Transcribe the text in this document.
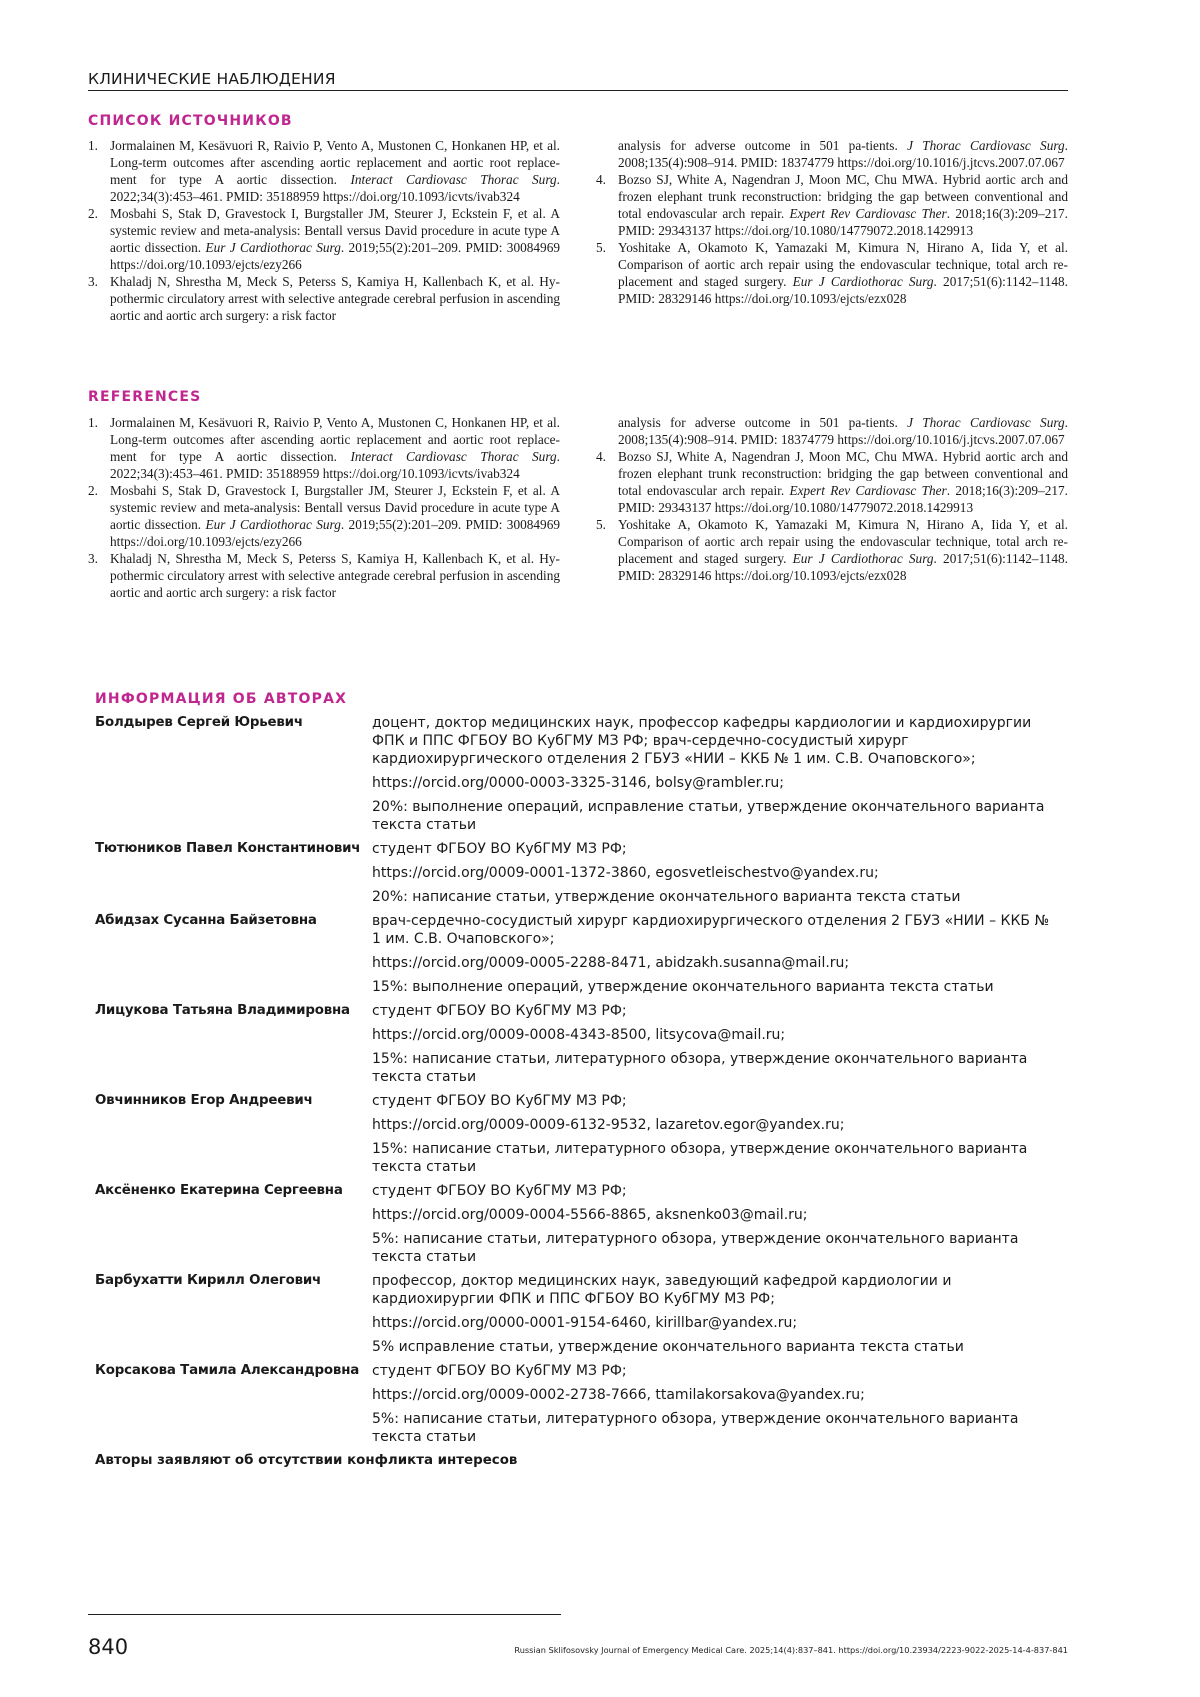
КЛИНИЧЕСКИЕ НАБЛЮДЕНИЯ
СПИСОК ИСТОЧНИКОВ
1. Jormalainen M, Kesävuori R, Raivio P, Vento A, Mustonen C, Honkanen HP, et al. Long-term outcomes after ascending aortic replacement and aortic root replace-ment for type A aortic dissection. Interact Cardiovasc Thorac Surg. 2022;34(3):453–461. PMID: 35188959 https://doi.org/10.1093/icvts/ivab324
2. Mosbahi S, Stak D, Gravestock I, Burgstaller JM, Steurer J, Eckstein F, et al. A systemic review and meta-analysis: Bentall versus David procedure in acute type A aortic dissection. Eur J Cardiothorac Surg. 2019;55(2):201–209. PMID: 30084969 https://doi.org/10.1093/ejcts/ezy266
3. Khaladj N, Shrestha M, Meck S, Peterss S, Kamiya H, Kallenbach K, et al. Hy-pothermic circulatory arrest with selective antegrade cerebral perfusion in ascending aortic and aortic arch surgery: a risk factor
analysis for adverse outcome in 501 pa-tients. J Thorac Cardiovasc Surg. 2008;135(4):908–914. PMID: 18374779 https://doi.org/10.1016/j.jtcvs.2007.07.067
4. Bozso SJ, White A, Nagendran J, Moon MC, Chu MWA. Hybrid aortic arch and frozen elephant trunk reconstruction: bridging the gap between conventional and total endovascular arch repair. Expert Rev Cardiovasc Ther. 2018;16(3):209–217. PMID: 29343137 https://doi.org/10.1080/14779072.2018.1429913
5. Yoshitake A, Okamoto K, Yamazaki M, Kimura N, Hirano A, Iida Y, et al. Comparison of aortic arch repair using the endovascular technique, total arch re-placement and staged surgery. Eur J Cardiothorac Surg. 2017;51(6):1142–1148. PMID: 28329146 https://doi.org/10.1093/ejcts/ezx028
REFERENCES
1. Jormalainen M, Kesävuori R, Raivio P, Vento A, Mustonen C, Honkanen HP, et al. Long-term outcomes after ascending aortic replacement and aortic root replace-ment for type A aortic dissection. Interact Cardiovasc Thorac Surg. 2022;34(3):453–461. PMID: 35188959 https://doi.org/10.1093/icvts/ivab324
2. Mosbahi S, Stak D, Gravestock I, Burgstaller JM, Steurer J, Eckstein F, et al. A systemic review and meta-analysis: Bentall versus David procedure in acute type A aortic dissection. Eur J Cardiothorac Surg. 2019;55(2):201–209. PMID: 30084969 https://doi.org/10.1093/ejcts/ezy266
3. Khaladj N, Shrestha M, Meck S, Peterss S, Kamiya H, Kallenbach K, et al. Hy-pothermic circulatory arrest with selective antegrade cerebral perfusion in ascending aortic and aortic arch surgery: a risk factor
analysis for adverse outcome in 501 pa-tients. J Thorac Cardiovasc Surg. 2008;135(4):908–914. PMID: 18374779 https://doi.org/10.1016/j.jtcvs.2007.07.067
4. Bozso SJ, White A, Nagendran J, Moon MC, Chu MWA. Hybrid aortic arch and frozen elephant trunk reconstruction: bridging the gap between conventional and total endovascular arch repair. Expert Rev Cardiovasc Ther. 2018;16(3):209–217. PMID: 29343137 https://doi.org/10.1080/14779072.2018.1429913
5. Yoshitake A, Okamoto K, Yamazaki M, Kimura N, Hirano A, Iida Y, et al. Comparison of aortic arch repair using the endovascular technique, total arch re-placement and staged surgery. Eur J Cardiothorac Surg. 2017;51(6):1142–1148. PMID: 28329146 https://doi.org/10.1093/ejcts/ezx028
ИНФОРМАЦИЯ ОБ АВТОРАХ
Болдырев Сергей Юрьевич	доцент, доктор медицинских наук, профессор кафедры кардиологии и кардиохирургии ФПК и ППС ФГБОУ ВО КубГМУ МЗ РФ; врач-сердечно-сосудистый хирург кардиохирургического отделения 2 ГБУЗ «НИИ – ККБ № 1 им. С.В. Очаповского»;

https://orcid.org/0000-0003-3325-3146, bolsy@rambler.ru;

20%: выполнение операций, исправление статьи, утверждение окончательного варианта текста статьи

Тютюников Павел Константинович студент ФГБОУ ВО КубГМУ МЗ РФ;

https://orcid.org/0009-0001-1372-3860, egosvetleischestvo@yandex.ru;

20%: написание статьи, утверждение окончательного варианта текста статьи

Абидзах Сусанна Байзетовна	врач-сердечно-сосудистый хирург кардиохирургического отделения 2 ГБУЗ «НИИ – ККБ № 1 им. С.В. Очаповского»;

https://orcid.org/0009-0005-2288-8471, abidzakh.susanna@mail.ru;

15%: выполнение операций, утверждение окончательного варианта текста статьи

Лицукова Татьяна Владимировна	студент ФГБОУ ВО КубГМУ МЗ РФ;

https://orcid.org/0009-0008-4343-8500, litsycova@mail.ru;

15%: написание статьи, литературного обзора, утверждение окончательного варианта текста статьи

Овчинников Егор Андреевич	студент ФГБОУ ВО КубГМУ МЗ РФ;

https://orcid.org/0009-0009-6132-9532, lazaretov.egor@yandex.ru;

15%: написание статьи, литературного обзора, утверждение окончательного варианта текста статьи

Аксёненко Екатерина Сергеевна	студент ФГБОУ ВО КубГМУ МЗ РФ;

https://orcid.org/0009-0004-5566-8865, aksnenko03@mail.ru;

5%: написание статьи, литературного обзора, утверждение окончательного варианта текста статьи

Барбухатти Кирилл Олегович	профессор, доктор медицинских наук, заведующий кафедрой кардиологии и кардиохирургии ФПК и ППС ФГБОУ ВО КубГМУ МЗ РФ;

https://orcid.org/0000-0001-9154-6460, kirillbar@yandex.ru;

5% исправление статьи, утверждение окончательного варианта текста статьи

Корсакова Тамила Александровна студент ФГБОУ ВО КубГМУ МЗ РФ;

https://orcid.org/0009-0002-2738-7666, ttamilakorsakova@yandex.ru;

5%: написание статьи, литературного обзора, утверждение окончательного варианта текста статьи

Авторы заявляют об отсутствии конфликта интересов
840	Russian Sklifosovsky Journal of Emergency Medical Care. 2025;14(4):837–841. https://doi.org/10.23934/2223-9022-2025-14-4-837-841
